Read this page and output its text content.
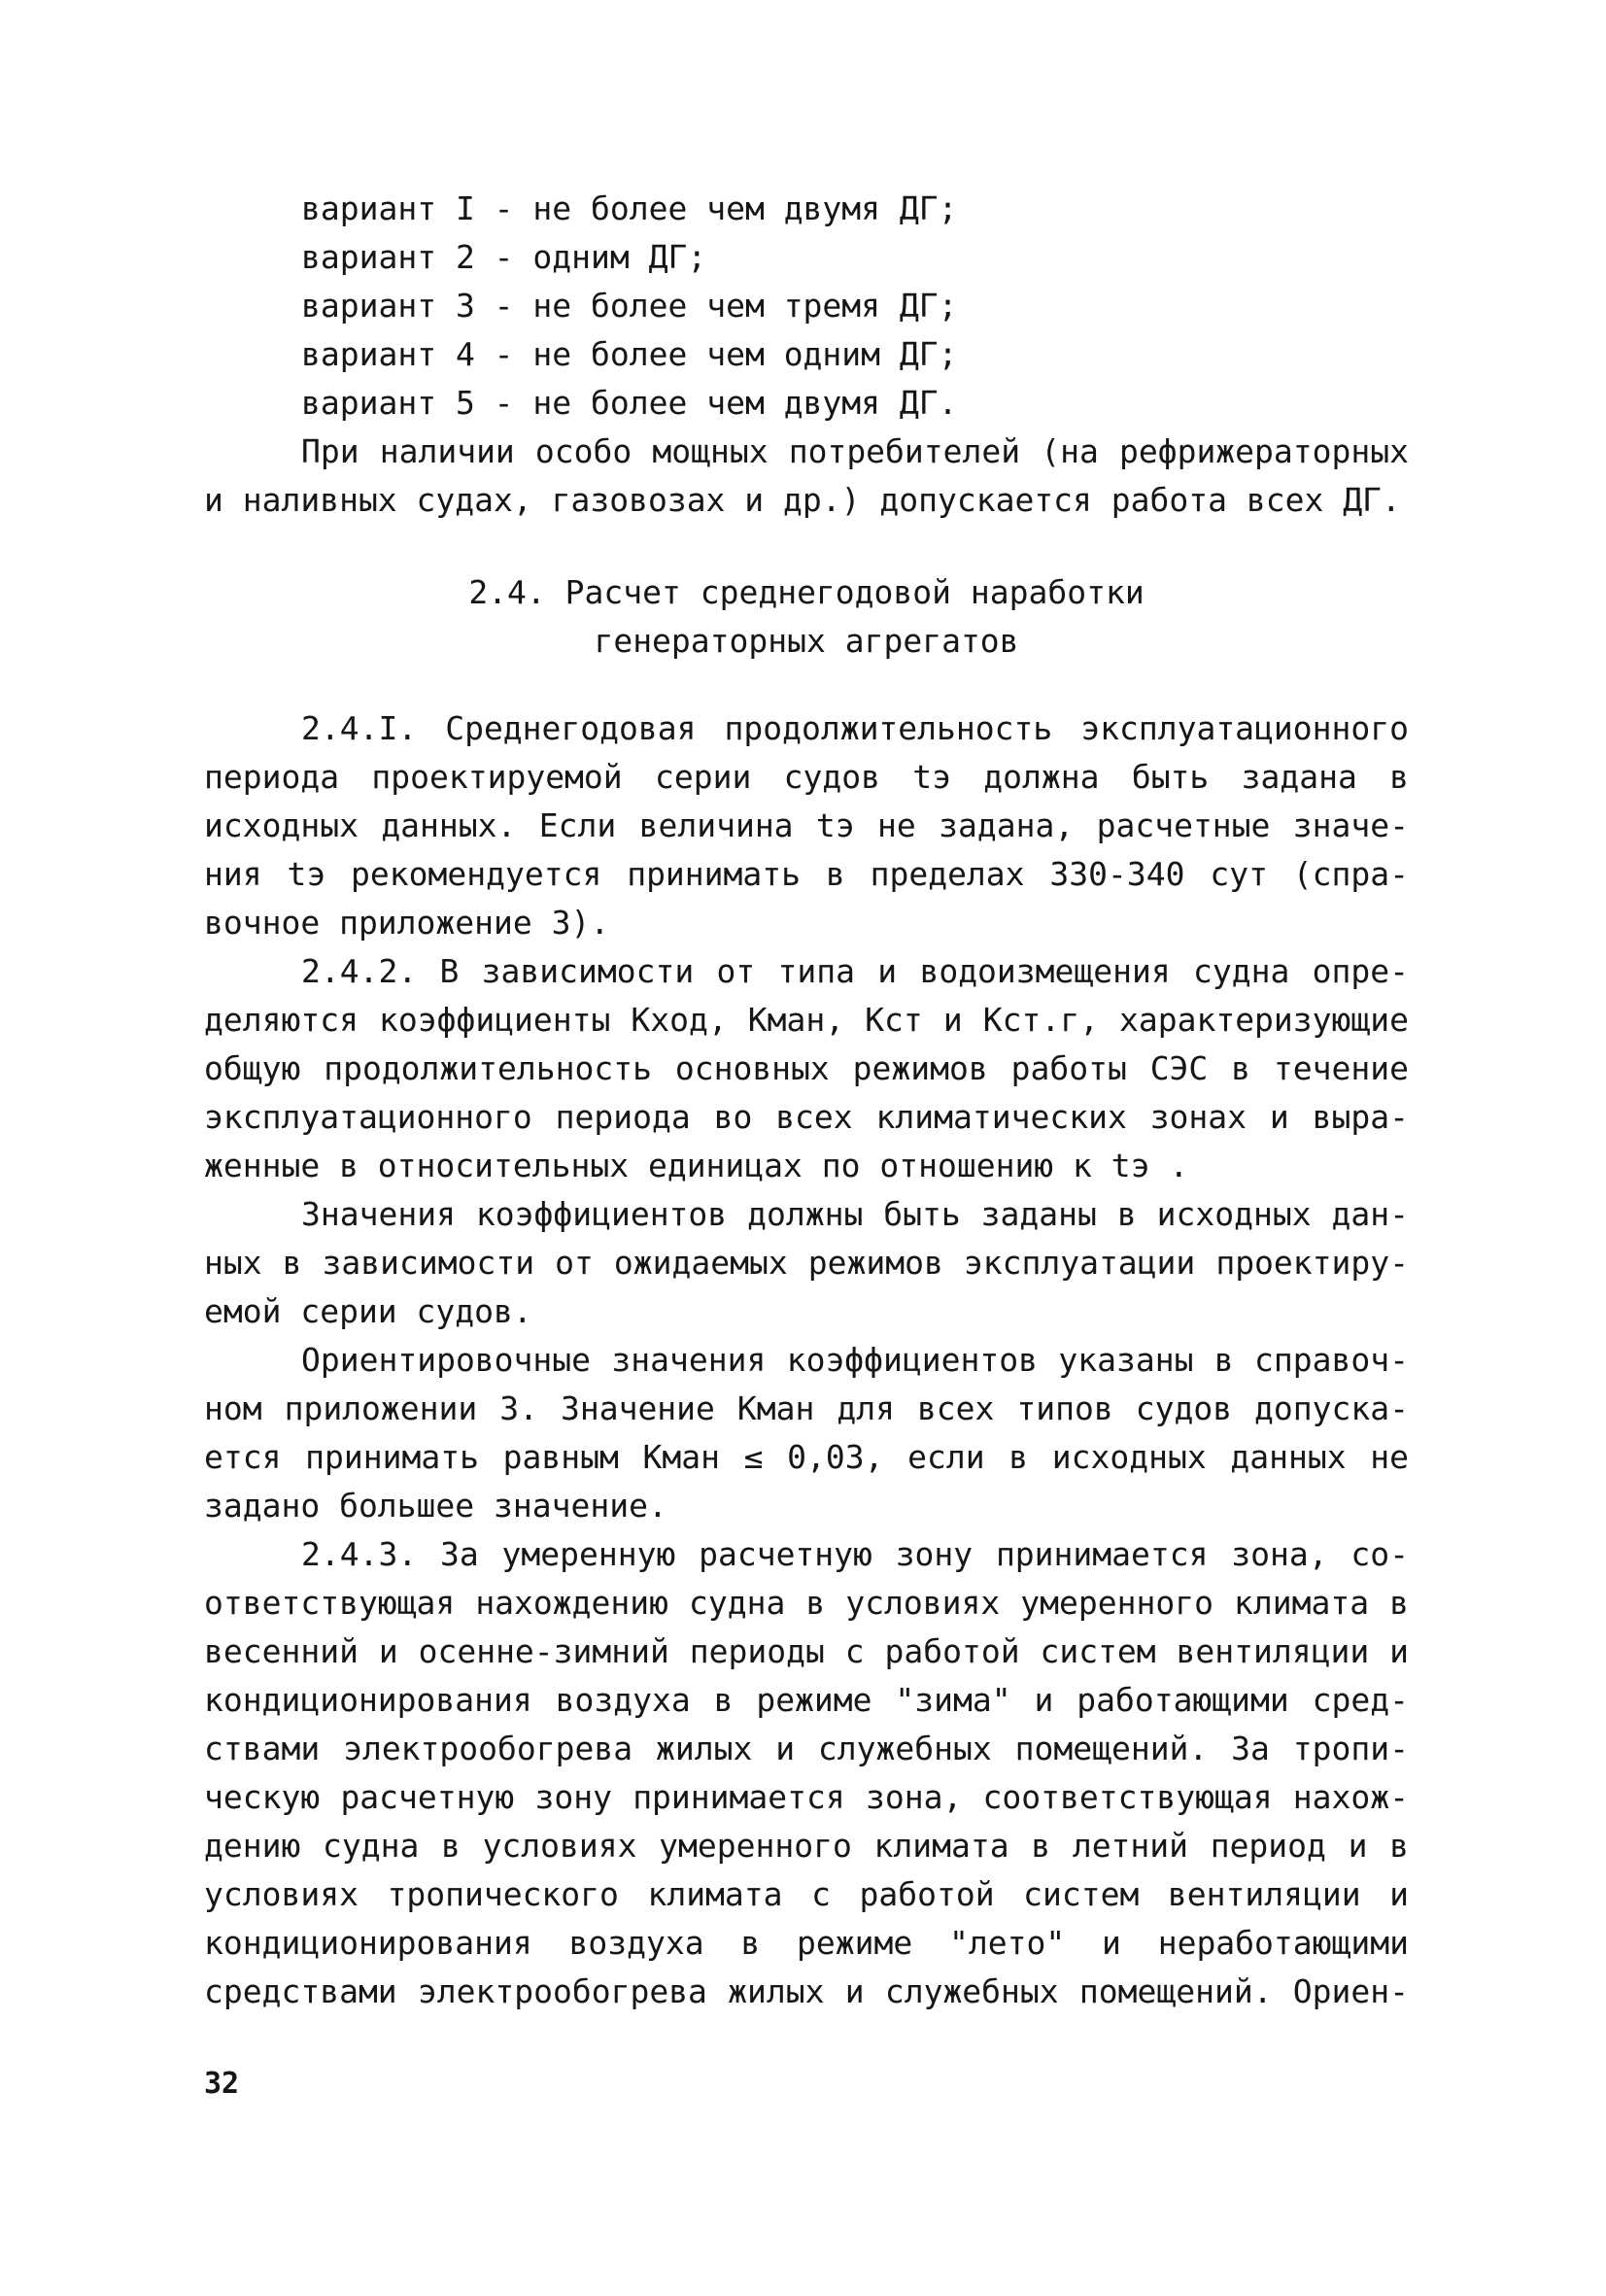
вариант I - не более чем двумя ДГ;
вариант 2 - одним ДГ;
вариант 3 - не более чем тремя ДГ;
вариант 4 - не более чем одним ДГ;
вариант 5 - не более чем двумя ДГ.
При наличии особо мощных потребителей (на рефрижераторных
и наливных судах, газовозах и др.) допускается работа всех ДГ.
2.4. Расчет среднегодовой наработки
генераторных агрегатов
2.4.I. Среднегодовая продолжительность эксплуатационного
периода проектируемой серии судов tэ должна быть задана в
исходных данных. Если величина tэ не задана, расчетные значе-
ния tэ рекомендуется принимать в пределах 330-340 сут (спра-
вочное приложение 3).
2.4.2. В зависимости от типа и водоизмещения судна опре-
деляются коэффициенты Kход, Kман, Kст и Kст.г, характеризующие
общую продолжительность основных режимов работы СЭС в течение
эксплуатационного периода во всех климатических зонах и выра-
женные в относительных единицах по отношению к tэ .
Значения коэффициентов должны быть заданы в исходных дан-
ных в зависимости от ожидаемых режимов эксплуатации проектиру-
емой серии судов.
Ориентировочные значения коэффициентов указаны в справоч-
ном приложении 3. Значение Kман для всех типов судов допуска-
ется принимать равным Kман ≤ 0,03, если в исходных данных не
задано большее значение.
2.4.3. За умеренную расчетную зону принимается зона, со-
ответствующая нахождению судна в условиях умеренного климата в
весенний и осенне-зимний периоды с работой систем вентиляции и
кондиционирования воздуха в режиме "зима" и работающими сред-
ствами электрообогрева жилых и служебных помещений. За тропи-
ческую расчетную зону принимается зона, соответствующая нахож-
дению судна в условиях умеренного климата в летний период и в
условиях тропического климата с работой систем вентиляции и
кондиционирования воздуха в режиме "лето" и неработающими
средствами электрообогрева жилых и служебных помещений. Ориен-
32
